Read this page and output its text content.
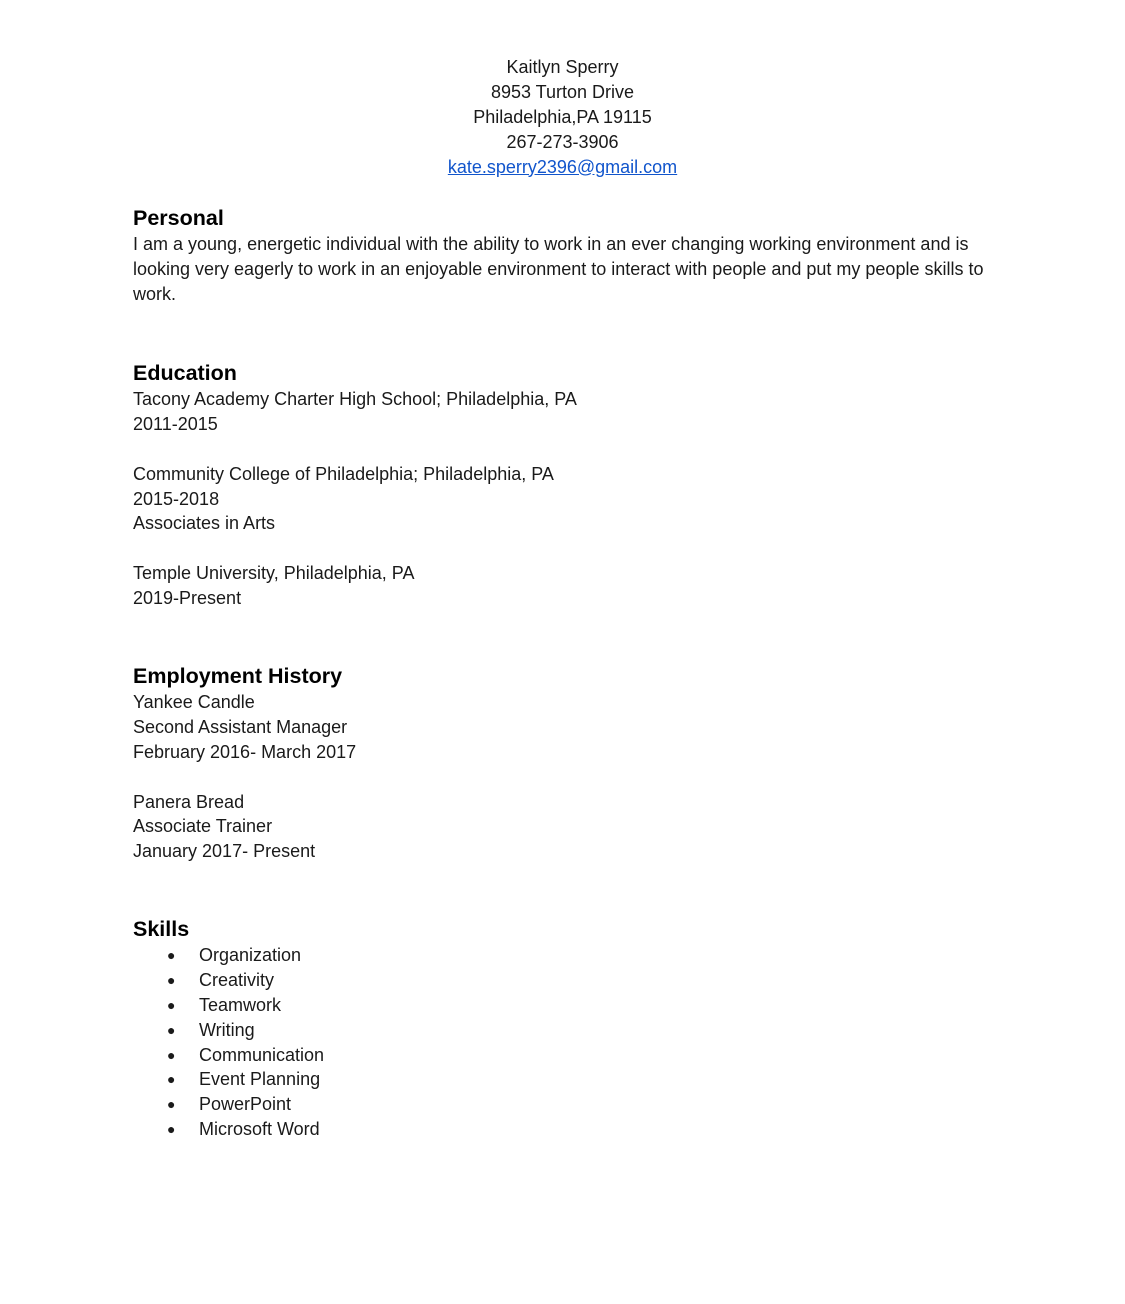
Kaitlyn Sperry
8953 Turton Drive
Philadelphia,PA 19115
267-273-3906
kate.sperry2396@gmail.com
Personal
I am a young, energetic individual with the ability to work in an ever changing working environment and is looking very eagerly to work in an enjoyable environment to interact with people and put my people skills to work.
Education
Tacony Academy Charter High School; Philadelphia, PA
2011-2015
Community College of Philadelphia; Philadelphia, PA
2015-2018
Associates in Arts
Temple University, Philadelphia, PA
2019-Present
Employment History
Yankee Candle
Second Assistant Manager
February 2016- March 2017
Panera Bread
Associate Trainer
January 2017- Present
Skills
● Organization
● Creativity
● Teamwork
● Writing
● Communication
● Event Planning
● PowerPoint
● Microsoft Word
